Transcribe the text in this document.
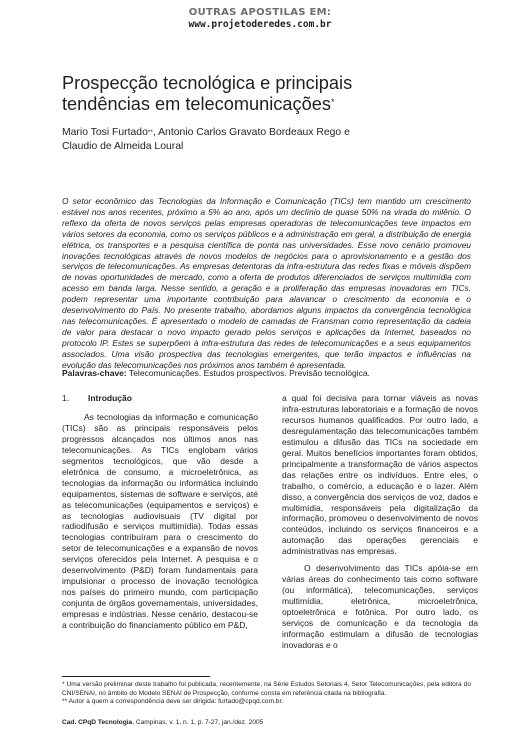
OUTRAS APOSTILAS EM:
www.projetoderedes.com.br
Prospecção tecnológica e principais
tendências em telecomunicações*
Mario Tosi Furtado**, Antonio Carlos Gravato Bordeaux Rego e
Claudio de Almeida Loural
O setor econômico das Tecnologias da Informação e Comunicação (TICs) tem mantido um crescimento estável nos anos recentes, próximo a 5% ao ano, após um declínio de quase 50% na virada do milênio. O reflexo da oferta de novos serviços pelas empresas operadoras de telecomunicações teve impactos em vários setores da economia, como os serviços públicos e a administração em geral, a distribuição de energia elétrica, os transportes e a pesquisa científica de ponta nas universidades. Esse novo cenário promoveu inovações tecnológicas através de novos modelos de negócios para o aprovisionamento e a gestão dos serviços de telecomunicações. As empresas detentoras da infra-estrutura das redes fixas e móveis dispõem de novas oportunidades de mercado, como a oferta de produtos diferenciados de serviços multimídia com acesso em banda larga. Nesse sentido, a geração e a proliferação das empresas inovadoras em TICs, podem representar uma importante contribuição para alavancar o crescimento da economia e o desenvolvimento do País. No presente trabalho, abordamos alguns impactos da convergência tecnológica nas telecomunicações. É apresentado o modelo de camadas de Fransman como representação da cadeia de valor para destacar o novo impacto gerado pelos serviços e aplicações da Internet, baseados no protocolo IP. Estes se superpõem à infra-estrutura das redes de telecomunicações e a seus equipamentos associados. Uma visão prospectiva das tecnologias emergentes, que terão impactos e influências na evolução das telecomunicações nos próximos anos também é apresentada.
Palavras-chave: Telecomunicações. Estudos prospectivos. Previsão tecnológica.
1. Introdução

As tecnologias da informação e comunicação (TICs) são as principais responsáveis pelos progressos alcançados nos últimos anos nas telecomunicações. As TICs englobam vários segmentos tecnológicos, que vão desde a eletrônica de consumo, a microeletrônica, as tecnologias da informação ou informática incluindo equipamentos, sistemas de software e serviços, até as telecomunicações (equipamentos e serviços) e as tecnologias audiovisuais (TV digital por radiodifusão e serviços multimídia). Todas essas tecnologias contribuíram para o crescimento do setor de telecomunicações e a expansão de novos serviços oferecidos pela Internet. A pesquisa e o desenvolvimento (P&D) foram fundamentais para impulsionar o processo de inovação tecnológica nos países do primeiro mundo, com participação conjunta de órgãos governamentais, universidades, empresas e indústrias. Nesse cenário, destacou-se a contribuição do financiamento público em P&D,

a qual foi decisiva para tornar viáveis as novas infra-estruturas laboratoriais e a formação de novos recursos humanos qualificados. Por outro lado, a desregulamentação das telecomunicações também estimulou a difusão das TICs na sociedade em geral. Muitos benefícios importantes foram obtidos, principalmente a transformação de vários aspectos das relações entre os indivíduos. Entre eles, o trabalho, o comércio, a educação e o lazer. Além disso, a convergência dos serviços de voz, dados e multimídia, responsáveis pela digitalização da informação, promoveu o desenvolvimento de novos conteúdos, incluindo os serviços financeiros e a automação das operações gerenciais e administrativas nas empresas.

O desenvolvimento das TICs apóia-se em várias áreas do conhecimento tais como software (ou informática), telecomunicações, serviços multimídia, eletrônica, microeletrônica, optoeletrônica e fotônica. Por outro lado, os serviços de comunicação e da tecnologia da informação estimulam a difusão de tecnologias inovadoras e o

* Uma versão preliminar deste trabalho foi publicada, recentemente, na Série Estudos Setoriais 4, Setor Telecomunicações, pela editora do CNI/SENAI, no âmbito do Modelo SENAI de Prospecção, conforme consta em referência citada na bibliografia.
** Autor a quem a correspondência deve ser dirigida: furtado@cpqd.com.br.
Cad. CPqD Tecnologia, Campinas, v. 1, n. 1, p. 7-27, jan./dez. 2005
